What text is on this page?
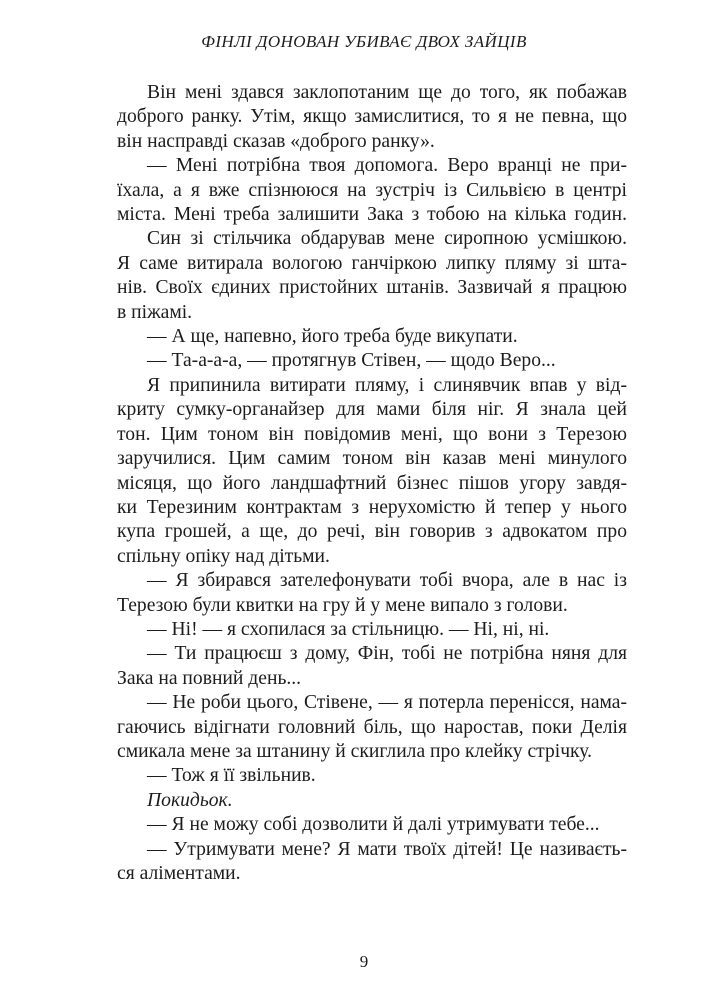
ФІНЛІ ДОНОВАН УБИВАЄ ДВОХ ЗАЙЦІВ
Він мені здався заклопотаним ще до того, як побажав
доброго ранку. Утім, якщо замислитися, то я не певна, що
він насправді сказав «доброго ранку».
— Мені потрібна твоя допомога. Веро вранці не при-
їхала, а я вже спізнююся на зустріч із Сильвією в центрі
міста. Мені треба залишити Зака з тобою на кілька годин.
Син зі стільчика обдарував мене сиропною усмішкою.
Я саме витирала вологою ганчіркою липку пляму зі шта-
нів. Своїх єдиних пристойних штанів. Зазвичай я працюю
в піжамі.
— А ще, напевно, його треба буде викупати.
— Та-а-а-а, — протягнув Стівен, — щодо Веро...
Я припинила витирати пляму, і слинявчик впав у від-
криту сумку-органайзер для мами біля ніг. Я знала цей
тон. Цим тоном він повідомив мені, що вони з Терезою
заручилися. Цим самим тоном він казав мені минулого
місяця, що його ландшафтний бізнес пішов угору завдя-
ки Терезиним контрактам з нерухомістю й тепер у нього
купа грошей, а ще, до речі, він говорив з адвокатом про
спільну опіку над дітьми.
— Я збирався зателефонувати тобі вчора, але в нас із
Терезою були квитки на гру й у мене випало з голови.
— Ні! — я схопилася за стільницю. — Ні, ні, ні.
— Ти працюєш з дому, Фін, тобі не потрібна няня для
Зака на повний день...
— Не роби цього, Стівене, — я потерла перенісся, нама-
гаючись відігнати головний біль, що наростав, поки Делія
смикала мене за штанину й скиглила про клейку стрічку.
— Тож я її звільнив.
Покидьок.
— Я не можу собі дозволити й далі утримувати тебе...
— Утримувати мене? Я мати твоїх дітей! Це називаєть-
ся аліментами.
9
